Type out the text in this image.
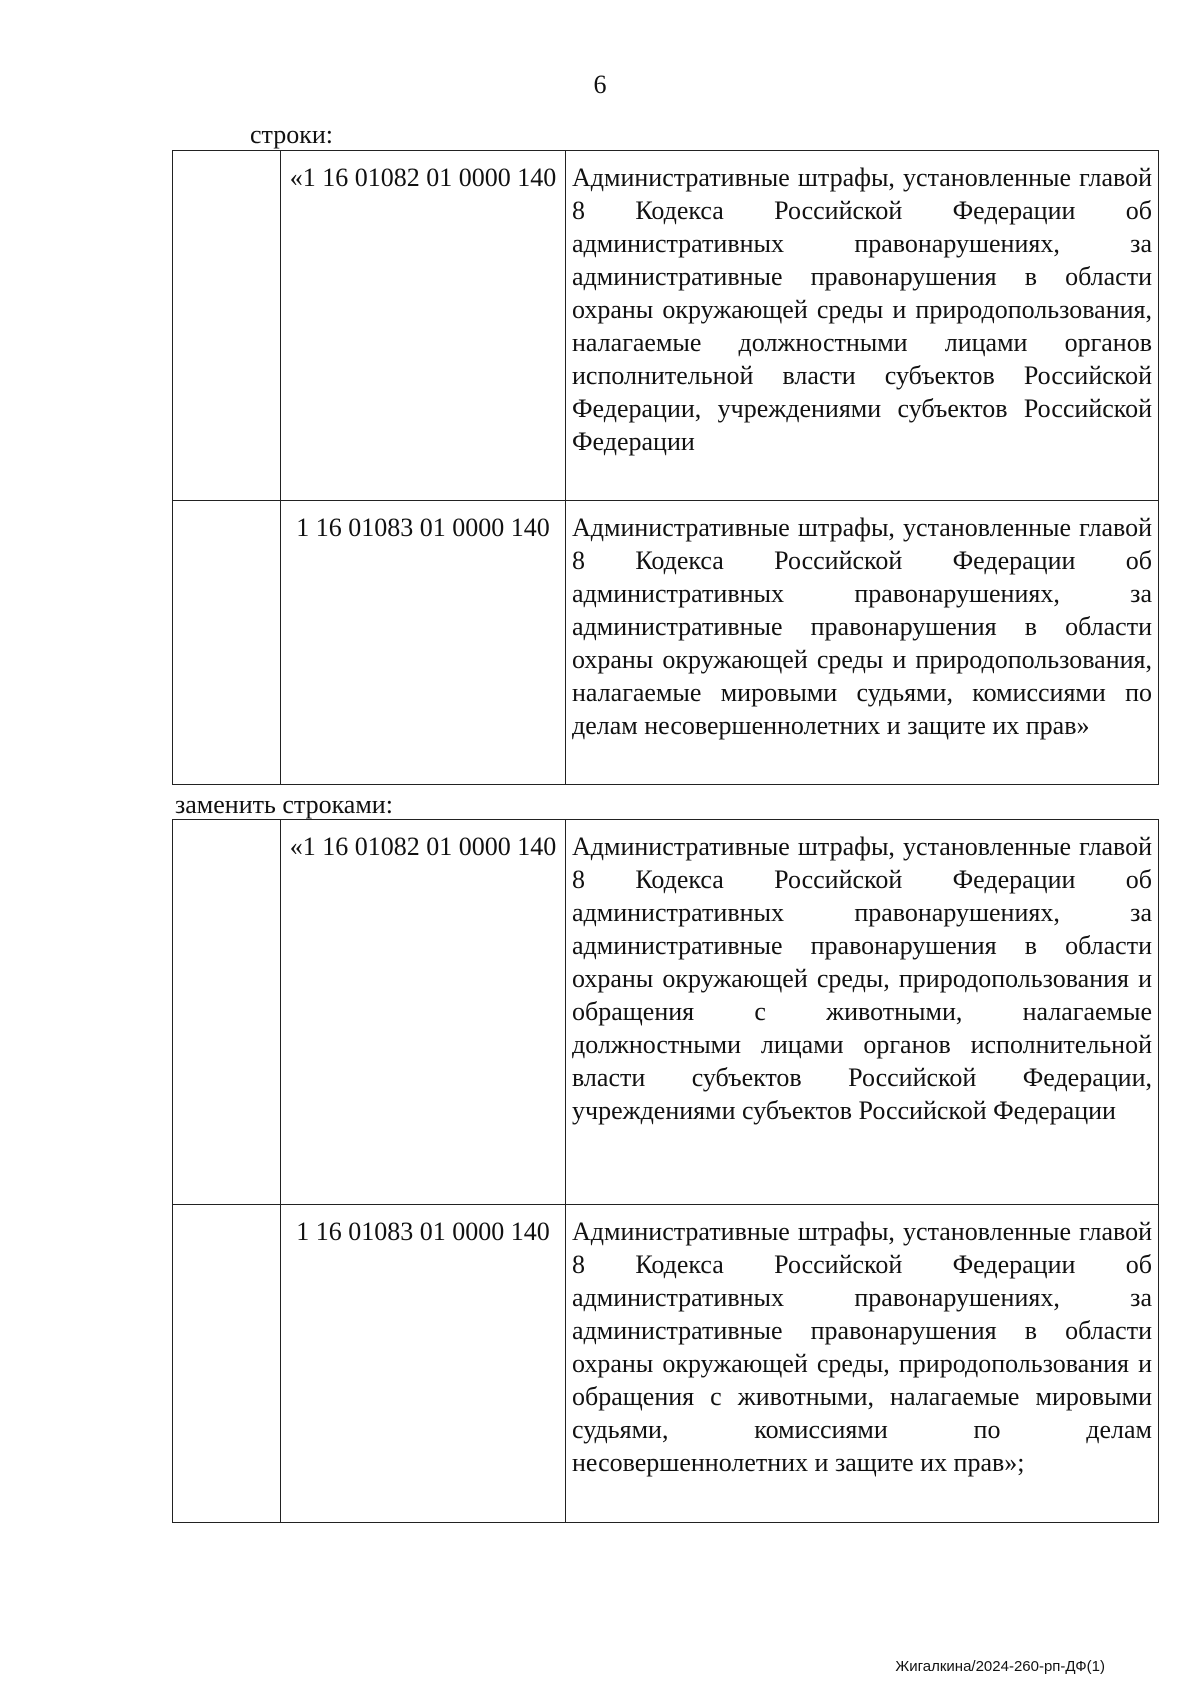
6
строки:
	«1 16 01082 01 0000 140	Административные штрафы, установленные главой 8 Кодекса Российской Федерации об административных правонарушениях, за административные правонарушения в области охраны окружающей среды и природопользования, налагаемые должностными лицами органов исполнительной власти субъектов Российской Федерации, учреждениями субъектов Российской Федерации
	1 16 01083 01 0000 140	Административные штрафы, установленные главой 8 Кодекса Российской Федерации об административных правонарушениях, за административные правонарушения в области охраны окружающей среды и природопользования, налагаемые мировыми судьями, комиссиями по делам несовершеннолетних и защите их прав»
заменить строками:
	«1 16 01082 01 0000 140	Административные штрафы, установленные главой 8 Кодекса Российской Федерации об административных правонарушениях, за административные правонарушения в области охраны окружающей среды, природопользования и обращения с животными, налагаемые должностными лицами органов исполнительной власти субъектов Российской Федерации, учреждениями субъектов Российской Федерации
	1 16 01083 01 0000 140	Административные штрафы, установленные главой 8 Кодекса Российской Федерации об административных правонарушениях, за административные правонарушения в области охраны окружающей среды, природопользования и обращения с животными, налагаемые мировыми судьями, комиссиями по делам несовершеннолетних и защите их прав»;
Жигалкина/2024-260-рп-ДФ(1)
